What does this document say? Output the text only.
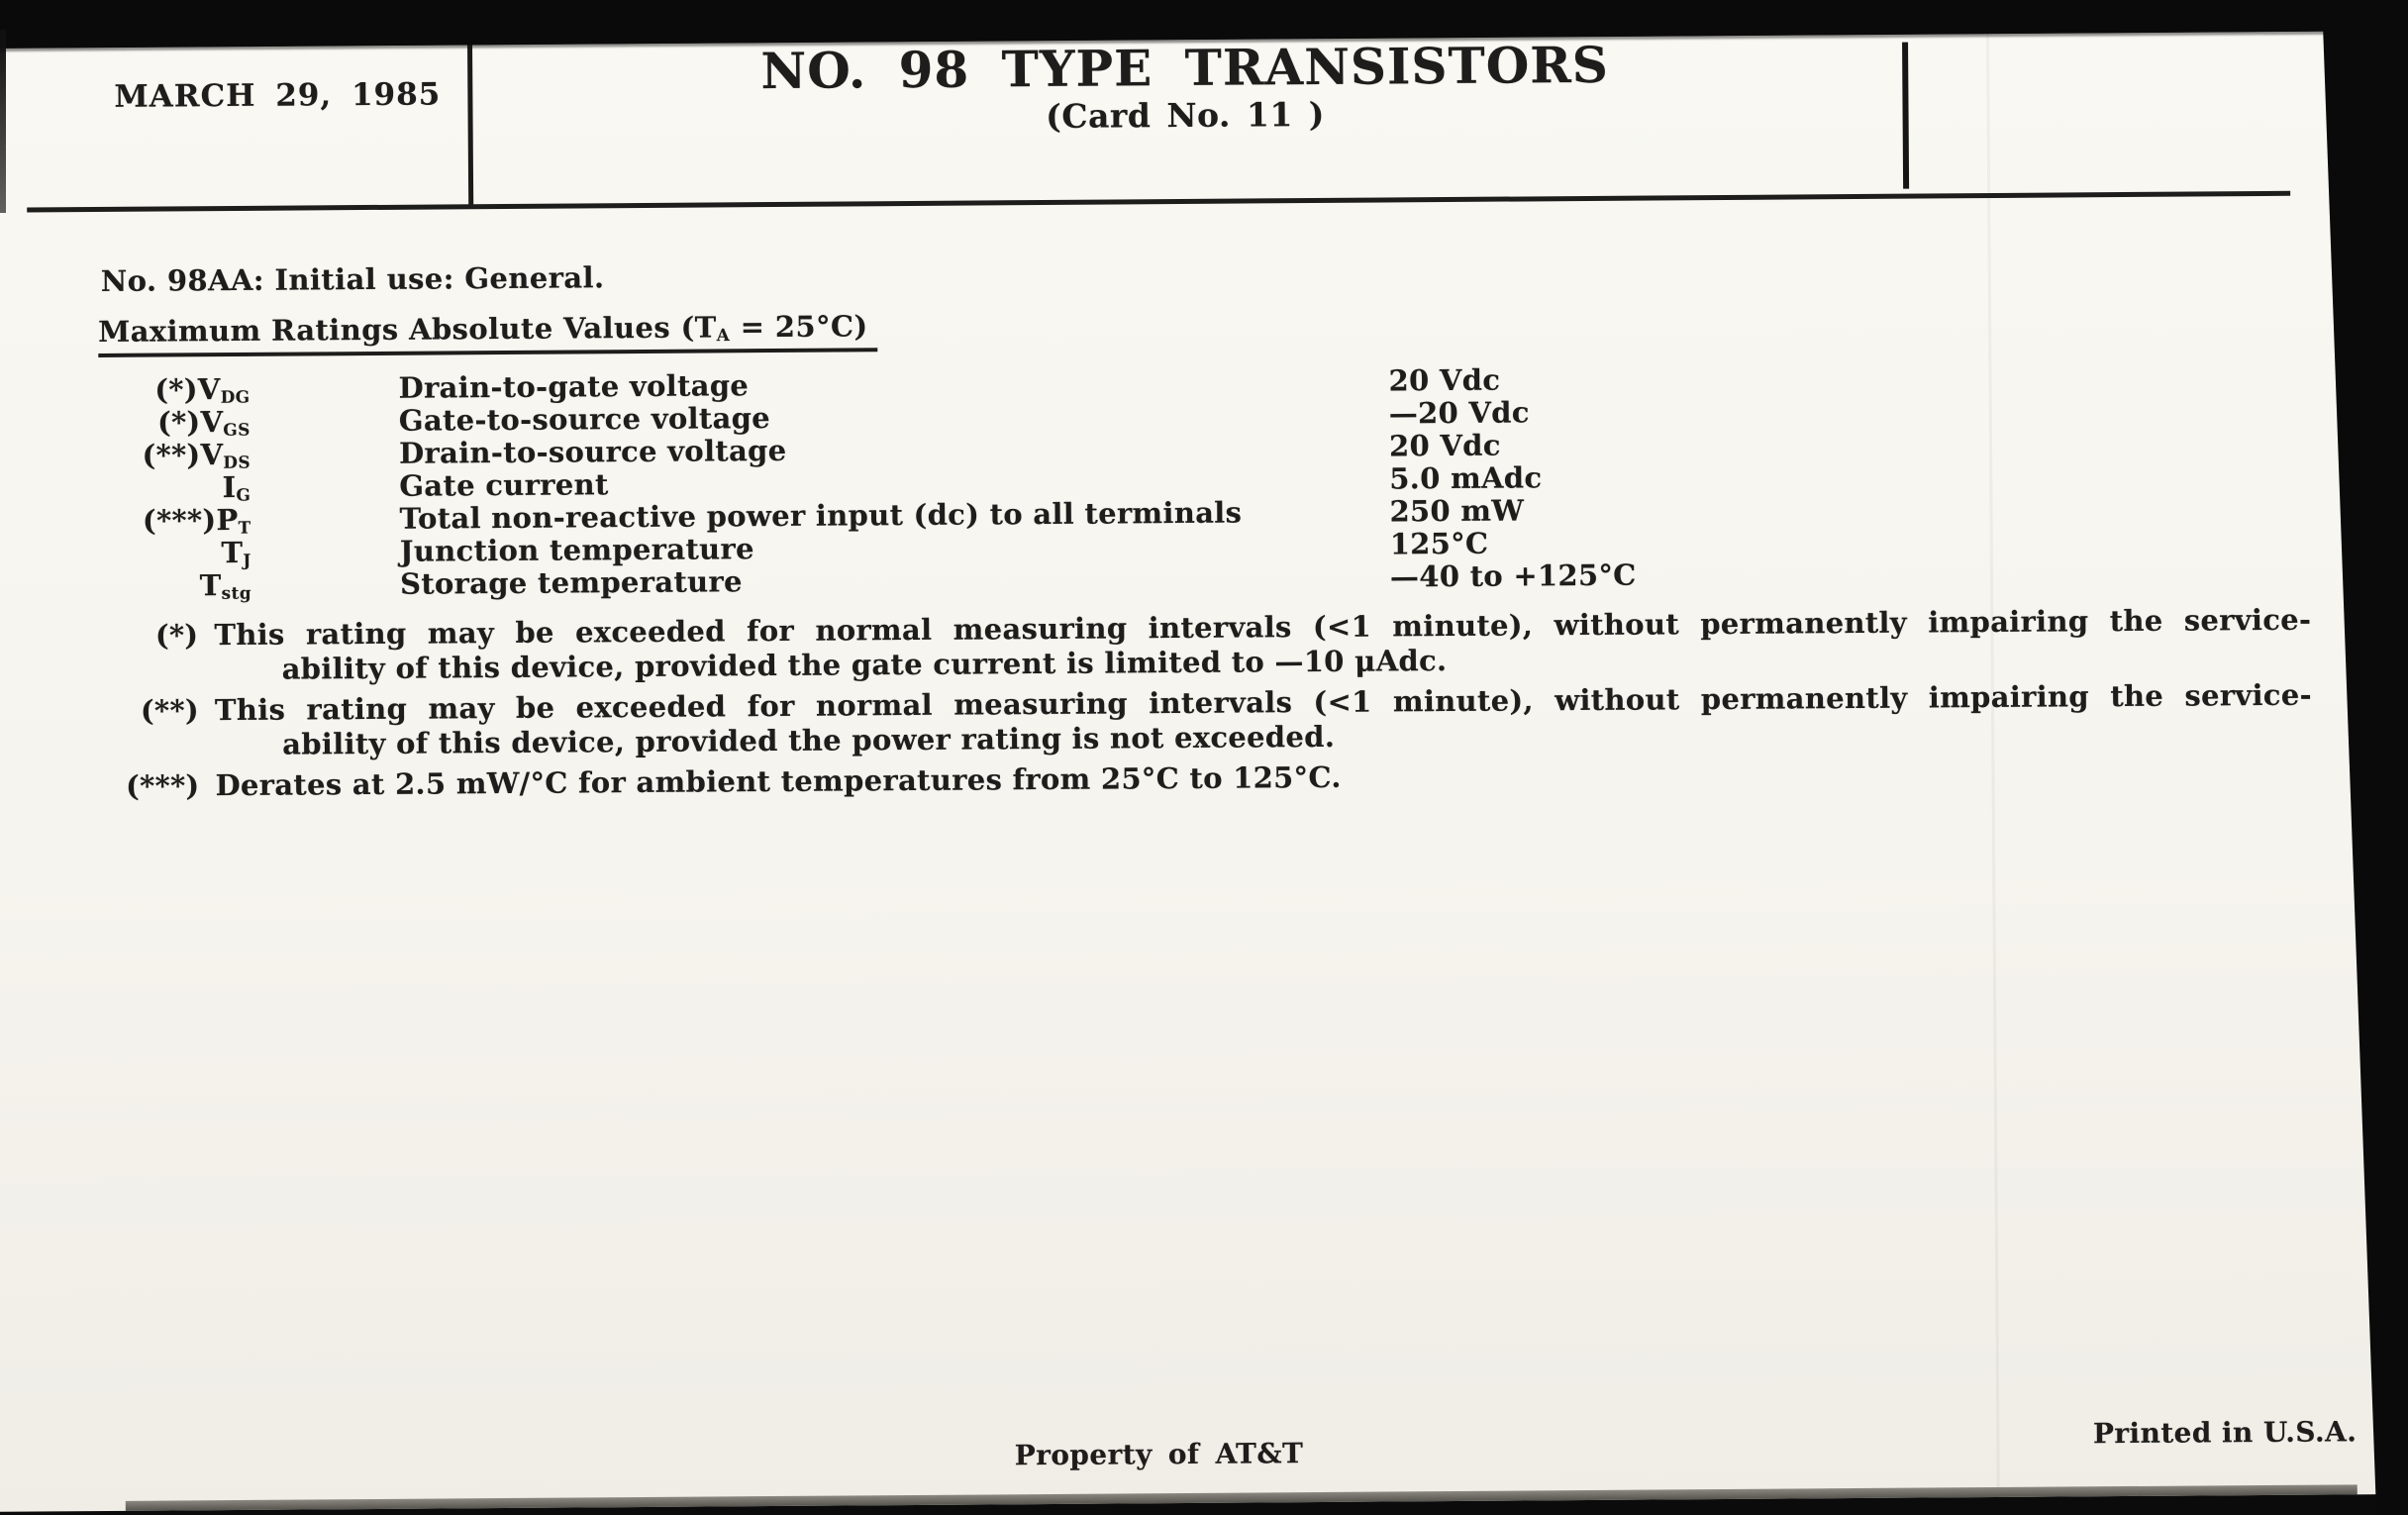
MARCH 29, 1985	NO. 98 TYPE TRANSISTORS
(Card No. 11 )
No. 98AA: Initial use: General.
Maximum Ratings Absolute Values $(T_A = 25^\circ C)$
$(*)V_{DG}$	Drain-to-gate voltage	20 Vdc
$(*)V_{GS}$	Gate-to-source voltage	—20 Vdc
$(**)V_{DS}$	Drain-to-source voltage	20 Vdc
$I_G$	Gate current	5.0 mAdc
$(***)P_T$	Total non-reactive power input (dc) to all terminals	250 mW
$T_J$	Junction temperature	125°C
$T_{stg}$	Storage temperature	—40 to +125°C
(*) This rating may be exceeded for normal measuring intervals (<1 minute), without permanently impairing the service-
ability of this device, provided the gate current is limited to —10 μAdc.
(**) This rating may be exceeded for normal measuring intervals (<1 minute), without permanently impairing the service-
ability of this device, provided the power rating is not exceeded.
(***) Derates at 2.5 mW/°C for ambient temperatures from 25°C to 125°C.
Property of AT&T
Printed in U.S.A.
